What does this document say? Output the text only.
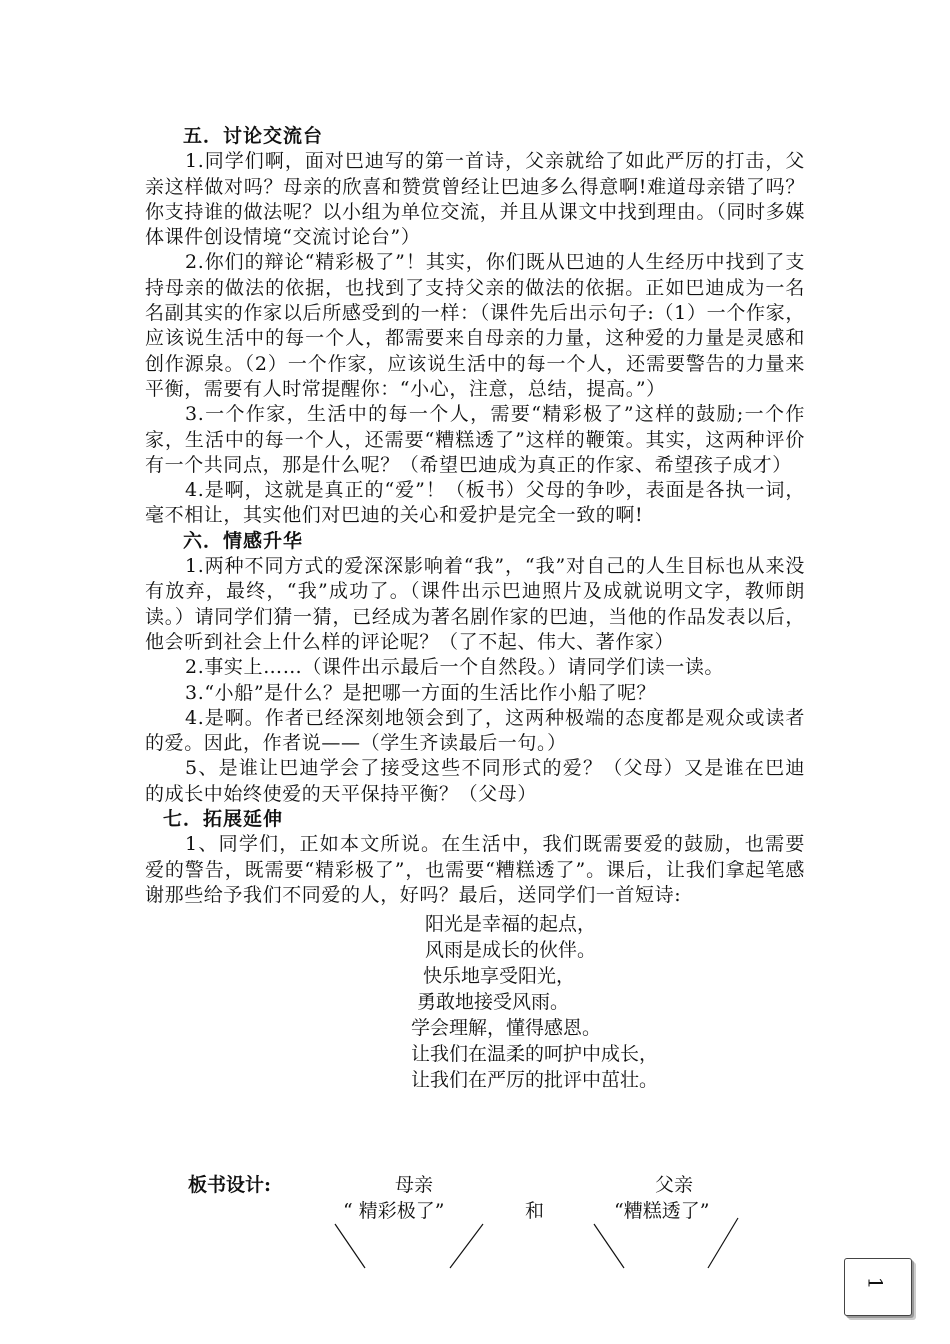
五．讨论交流台
1.同学们啊，面对巴迪写的第一首诗，父亲就给了如此严厉的打击，父亲这样做对吗？母亲的欣喜和赞赏曾经让巴迪多么得意啊!难道母亲错了吗？你支持谁的做法呢？以小组为单位交流，并且从课文中找到理由。（同时多媒体课件创设情境“交流讨论台”）
2.你们的辩论“精彩极了”！其实，你们既从巴迪的人生经历中找到了支持母亲的做法的依据，也找到了支持父亲的做法的依据。正如巴迪成为一名名副其实的作家以后所感受到的一样：（课件先后出示句子:（1）一个作家，应该说生活中的每一个人，都需要来自母亲的力量，这种爱的力量是灵感和创作源泉。（2）一个作家，应该说生活中的每一个人，还需要警告的力量来平衡，需要有人时常提醒你：“小心，注意，总结，提高。”）
3.一个作家，生活中的每一个人，需要“精彩极了”这样的鼓励;一个作家，生活中的每一个人，还需要“糟糕透了”这样的鞭策。其实，这两种评价有一个共同点，那是什么呢？（希望巴迪成为真正的作家、希望孩子成才）
4.是啊，这就是真正的“爱”！（板书）父母的争吵，表面是各执一词，毫不相让，其实他们对巴迪的关心和爱护是完全一致的啊!
六．情感升华
1.两种不同方式的爱深深影响着“我”，“我”对自己的人生目标也从来没有放弃，最终，“我”成功了。（课件出示巴迪照片及成就说明文字，教师朗读。）请同学们猜一猜，已经成为著名剧作家的巴迪，当他的作品发表以后，他会听到社会上什么样的评论呢？（了不起、伟大、著作家）
2.事实上……（课件出示最后一个自然段。）请同学们读一读。
3.“小船”是什么？是把哪一方面的生活比作小船了呢？
4.是啊。作者已经深刻地领会到了，这两种极端的态度都是观众或读者的爱。因此，作者说——（学生齐读最后一句。）
5、是谁让巴迪学会了接受这些不同形式的爱？（父母）又是谁在巴迪的成长中始终使爱的天平保持平衡？（父母）
七．拓展延伸
1、同学们，正如本文所说。在生活中，我们既需要爱的鼓励，也需要爱的警告，既需要“精彩极了”，也需要“糟糕透了”。课后，让我们拿起笔感谢那些给予我们不同爱的人，好吗？最后，送同学们一首短诗:
阳光是幸福的起点，
风雨是成长的伙伴。
快乐地享受阳光，
勇敢地接受风雨。
学会理解，懂得感恩。
让我们在温柔的呵护中成长，
让我们在严厉的批评中茁壮。
板书设计:	母亲	父亲
“ 精彩极了”	和	“糟糕透了”
1
